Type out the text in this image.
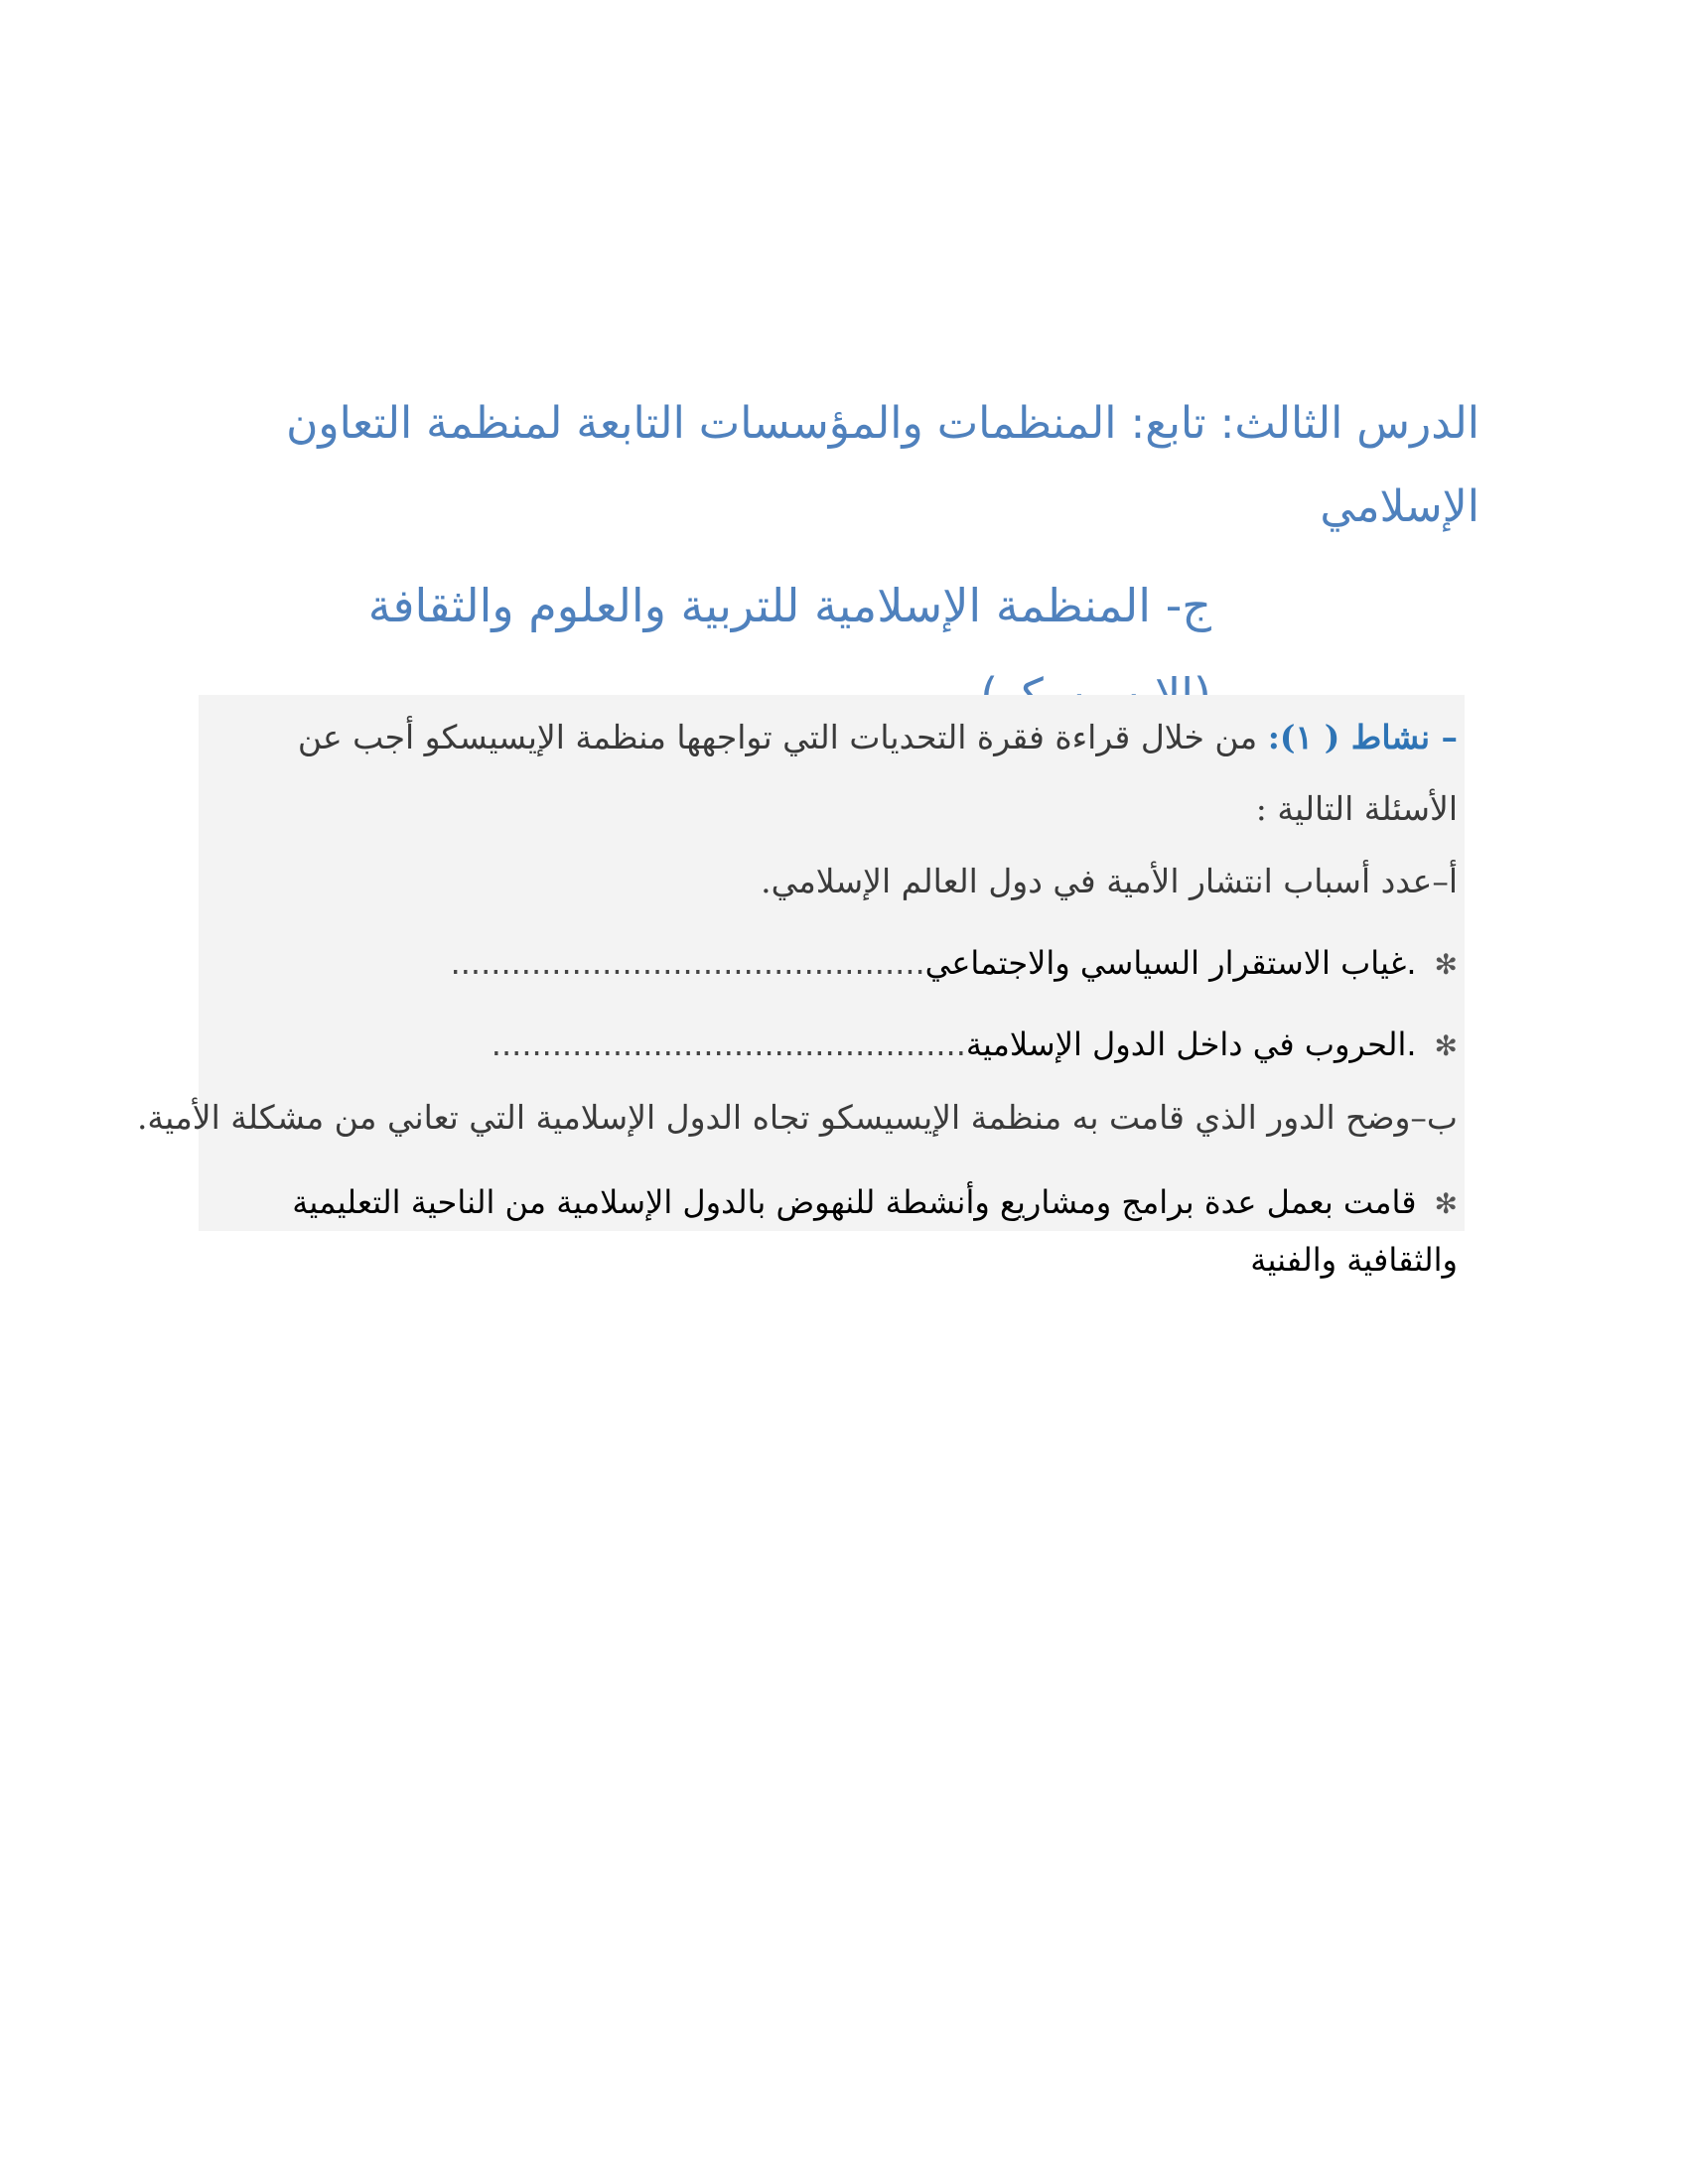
الدرس الثالث: تابع: المنظمات والمؤسسات التابعة لمنظمة التعاون الإسلامي
ج- المنظمة الإسلامية للتربية والعلوم والثقافة
– نشاط ( ١): من خلال قراءة فقرة التحديات التي تواجهها منظمة الإيسيسكو أجب عن
الأسئلة التالية :
أ–عدد أسباب انتشار الأمية في دول العالم الإسلامي.
✻.غياب الاستقرار السياسي والاجتماعي...............................................
✻.الحروب في داخل الدول الإسلامية...............................................
ب–وضح الدور الذي قامت به منظمة الإيسيسكو تجاه الدول الإسلامية التي تعاني من مشكلة الأمية.
✻قامت بعمل عدة برامج ومشاريع وأنشطة للنهوض بالدول الإسلامية من الناحية التعليمية والثقافية والفنية
